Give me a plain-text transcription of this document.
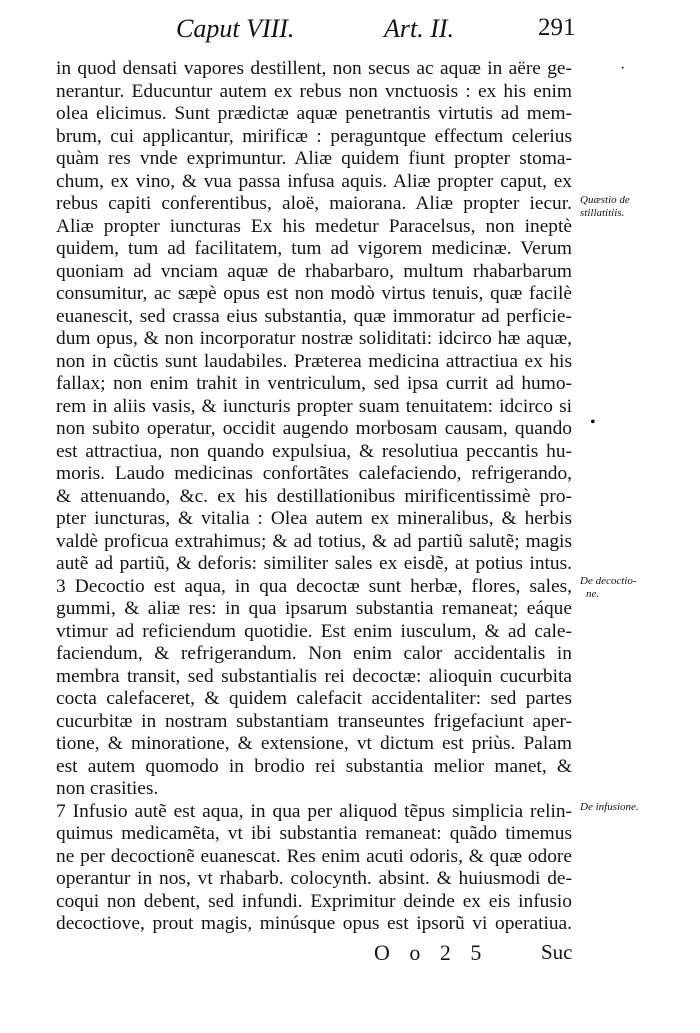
Caput VIII.	Art. II.	291
in quod densati vapores destillent, non secus ac aquæ in aëre ge-
nerantur. Educuntur autem ex rebus non vnctuosis : ex his enim
olea elicimus. Sunt prædictæ aquæ penetrantis virtutis ad mem-
brum, cui applicantur, mirificæ : peraguntque effectum celerius
quàm res vnde exprimuntur. Aliæ quidem fiunt propter stoma-
chum, ex vino, & vua passa infusa aquis. Aliæ propter caput, ex
rebus capiti conferentibus, aloë, maiorana. Aliæ propter iecur.
Aliæ propter iuncturas Ex his medetur Paracelsus, non ineptè
quidem, tum ad facilitatem, tum ad vigorem medicinæ. Verum
quoniam ad vnciam aquæ de rhabarbaro, multum rhabarbarum
consumitur, ac sæpè opus est non modò virtus tenuis, quæ facilè
euanescit, sed crassa eius substantia, quæ immoratur ad perficie-
dum opus, & non incorporatur nostræ soliditati: idcirco hæ aquæ,
non in cũctis sunt laudabiles. Præterea medicina attractiua ex his
fallax; non enim trahit in ventriculum, sed ipsa currit ad humo-
rem in aliis vasis, & iuncturis propter suam tenuitatem: idcirco si
non subito operatur, occidit augendo morbosam causam, quando
est attractiua, non quando expulsiua, & resolutiua peccantis hu-
moris. Laudo medicinas confortãtes calefaciendo, refrigerando,
& attenuando, &c. ex his destillationibus mirificentissimè pro-
pter iuncturas, & vitalia : Olea autem ex mineralibus, & herbis
valdè proficua extrahimus; & ad totius, & ad partiũ salutẽ; magis
autẽ ad partiũ, & deforis: similiter sales ex eisdẽ, at potius intus.
3 Decoctio est aqua, in qua decoctæ sunt herbæ, flores, sales,
gummi, & aliæ res: in qua ipsarum substantia remaneat; eáque
vtimur ad reficiendum quotidie. Est enim iusculum, & ad cale-
faciendum, & refrigerandum. Non enim calor accidentalis in
membra transit, sed substantialis rei decoctæ: alioquin cucurbita
cocta calefaceret, & quidem calefacit accidentaliter: sed partes
cucurbitæ in nostram substantiam transeuntes frigefaciunt aper-
tione, & minoratione, & extensione, vt dictum est priùs. Palam
est autem quomodo in brodio rei substantia melior manet, &
non crasities.
7 Infusio autẽ est aqua, in qua per aliquod tẽpus simplicia relin-
quimus medicamẽta, vt ibi substantia remaneat: quãdo timemus
ne per decoctionẽ euanescat. Res enim acuti odoris, & quæ odore
operantur in nos, vt rhabarb. colocynth. absint. & huiusmodi de-
coqui non debent, sed infundi. Exprimitur deinde ex eis infusio
decoctiove, prout magis, minúsque opus est ipsorũ vi operatiua.
Quæstio de
stillatitiis.
De decoctio-
ne.
De infusione.
·
•
O o 2 5	Suc
